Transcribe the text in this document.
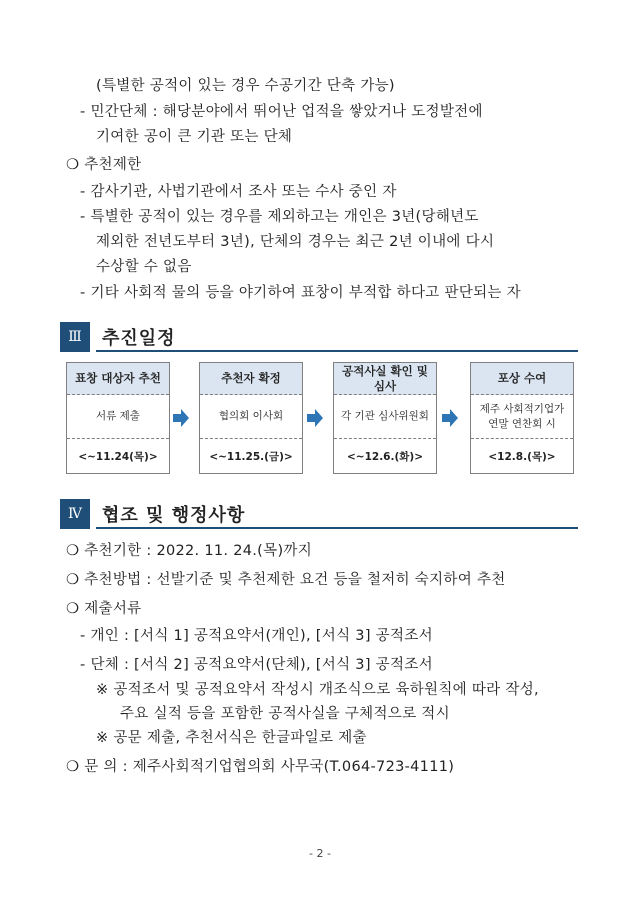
(특별한 공적이 있는 경우 수공기간 단축 가능)
- 민간단체 : 해당분야에서 뛰어난 업적을 쌓았거나 도정발전에
기여한 공이 큰 기관 또는 단체
❍ 추천제한
- 감사기관, 사법기관에서 조사 또는 수사 중인 자
- 특별한 공적이 있는 경우를 제외하고는 개인은 3년(당해년도
제외한 전년도부터 3년), 단체의 경우는 최근 2년 이내에 다시
수상할 수 없음
- 기타 사회적 물의 등을 야기하여 표창이 부적합 하다고 판단되는 자
Ⅲ	추진일정
표창 대상자 추천
서류 제출
<~11.24(목)>
추천자 확정
협의회 이사회
<~11.25.(금)>
공적사실 확인 및 심사
각 기관 심사위원회
<~12.6.(화)>
포상 수여
제주 사회적기업가 연말 연찬회 시
<12.8.(목)>
Ⅳ	협조 및 행정사항
❍ 추천기한 : 2022. 11. 24.(목)까지
❍ 추천방법 : 선발기준 및 추천제한 요건 등을 철저히 숙지하여 추천
❍ 제출서류
- 개인 : [서식 1] 공적요약서(개인), [서식 3] 공적조서
- 단체 : [서식 2] 공적요약서(단체), [서식 3] 공적조서
※ 공적조서 및 공적요약서 작성시 개조식으로 육하원칙에 따라 작성,
주요 실적 등을 포함한 공적사실을 구체적으로 적시
※ 공문 제출, 추천서식은 한글파일로 제출
❍ 문 의 : 제주사회적기업협의회 사무국(T.064-723-4111)
- 2 -
